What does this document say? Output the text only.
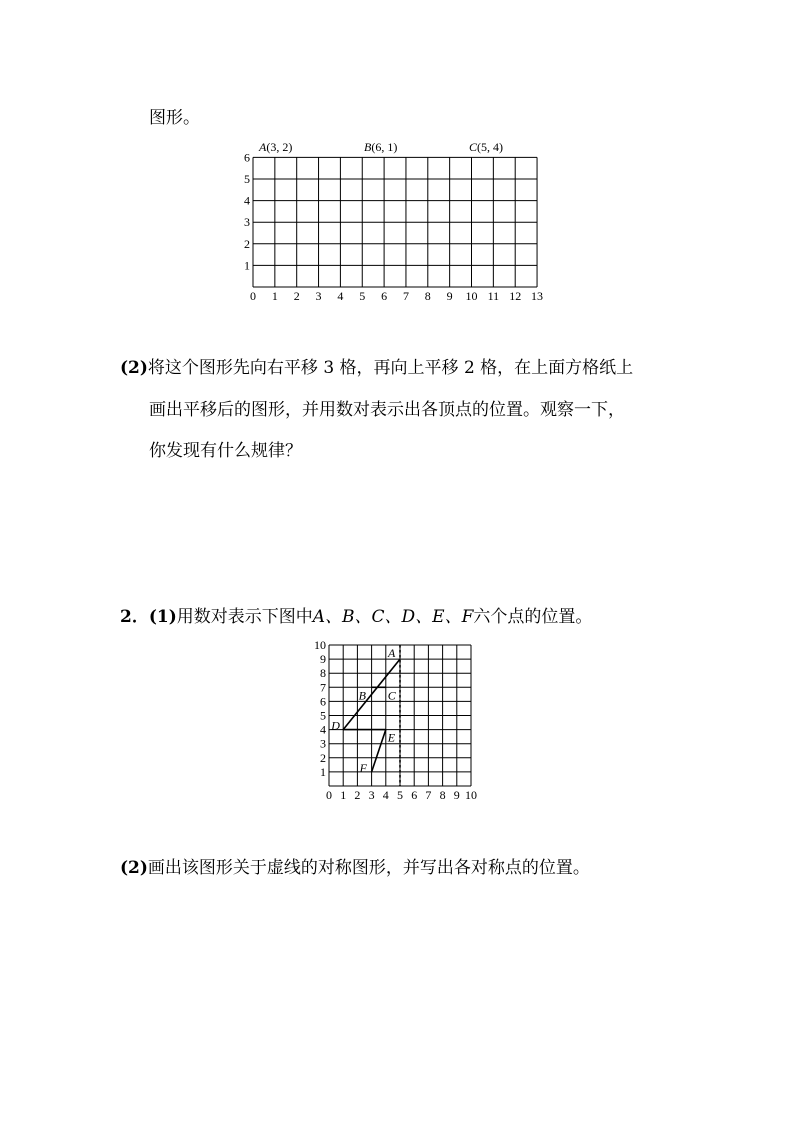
图形。
0 1 2 3 4 5 6 7 8 9 10 11 12 13
1
2
3
4
5
6
A(3, 2)	B(6, 1)	C(5, 4)
(2)将这个图形先向右平移 3 格，再向上平移 2 格，在上面方格纸上
画出平移后的图形，并用数对表示出各顶点的位置。观察一下，
你发现有什么规律？
2．(1)用数对表示下图中A、B、C、D、E、F六个点的位置。
0 1 2 3 4 5 6 7 8 9 10
1
2
3
4
5
6
7
8
9
10
A
B C
D
E
F
(2)画出该图形关于虚线的对称图形，并写出各对称点的位置。
